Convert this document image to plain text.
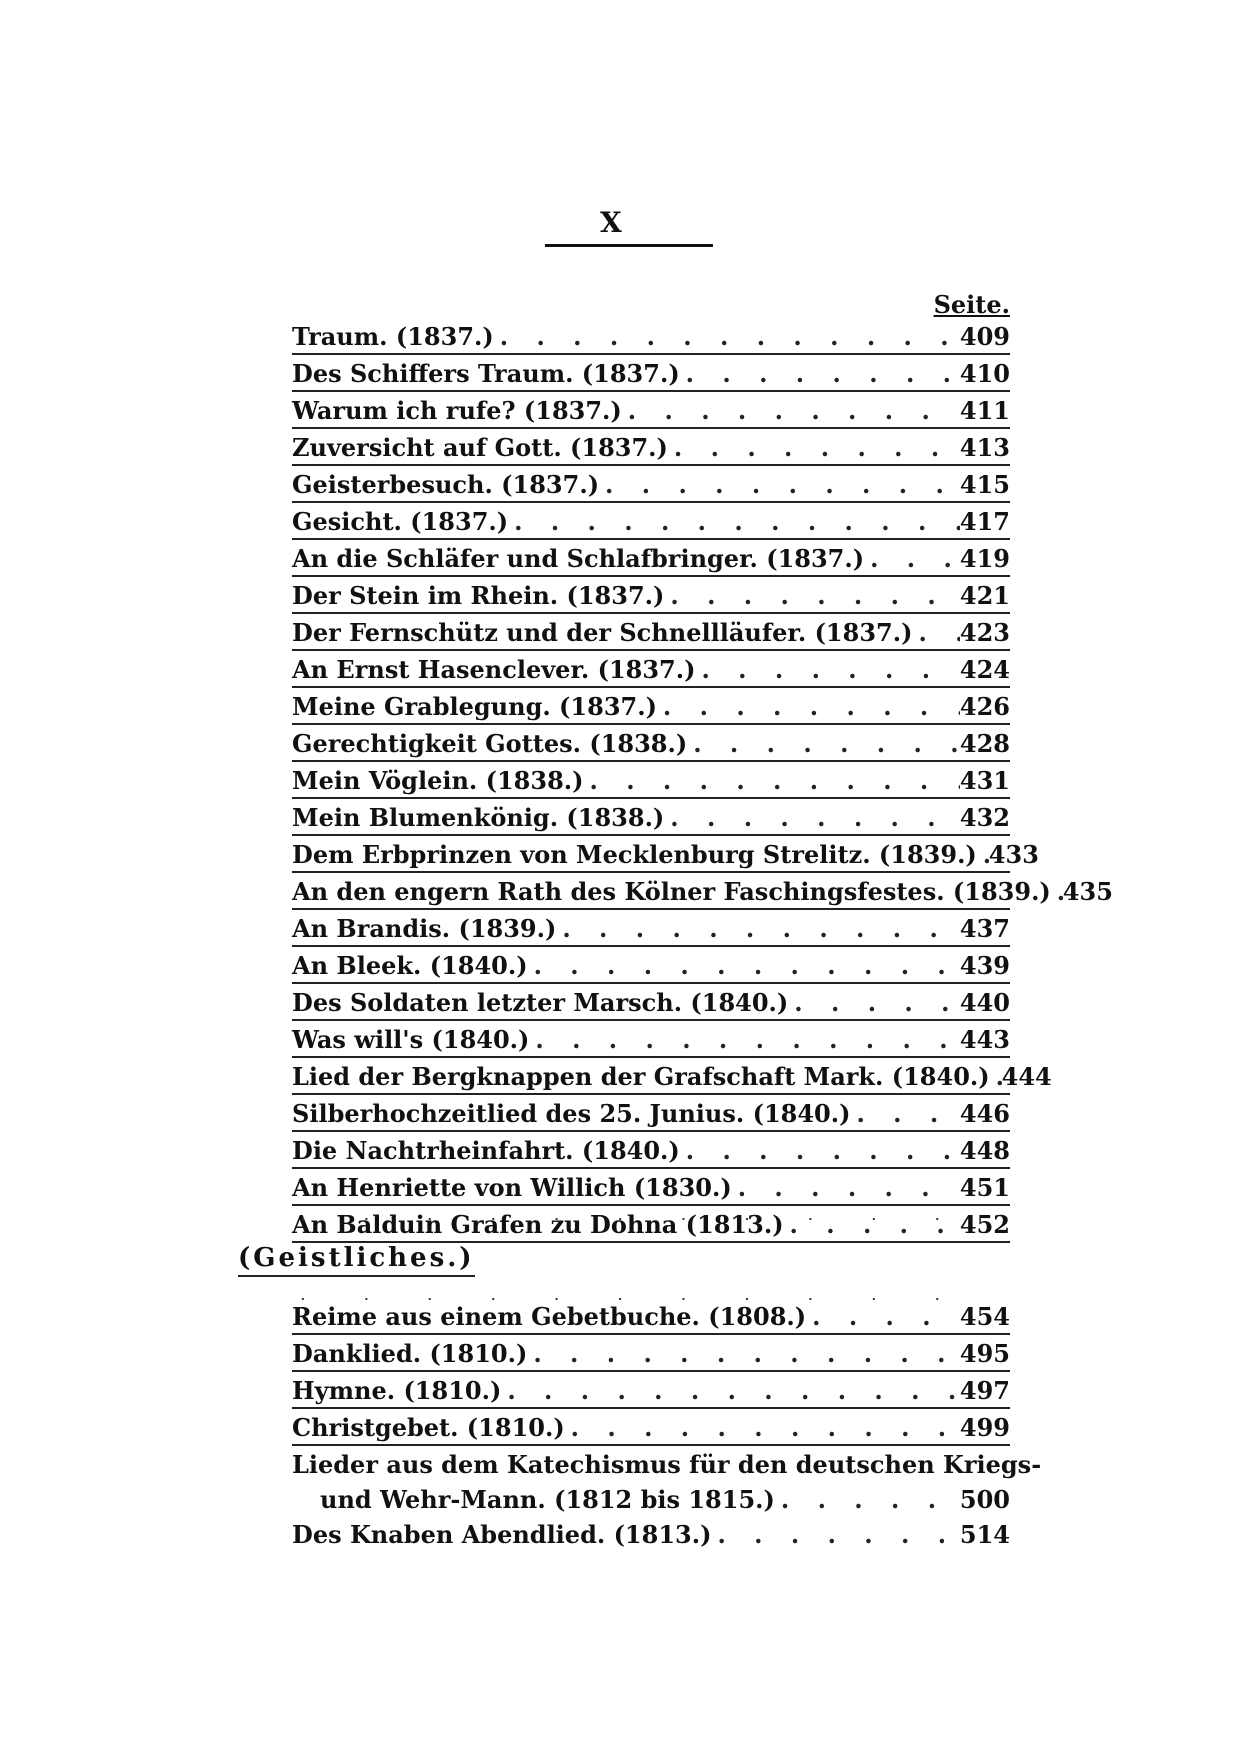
X
Seite.
Traum. (1837.) . . .	409
Des Schiffers Traum. (1837.) . . .	410
Warum ich rufe? (1837.) . . .	411
Zuversicht auf Gott. (1837.) . . .	413
Geisterbesuch. (1837.) . . .	415
Gesicht. (1837.) . . .	417
An die Schläfer und Schlafbringer. (1837.) . . .	419
Der Stein im Rhein. (1837.) . . .	421
Der Fernschütz und der Schnellläufer. (1837.) . . . 423
An Ernst Hasenclever. (1837.) . . .	424
Meine Grablegung. (1837.) . . .	426
Gerechtigkeit Gottes. (1838.) . . .	428
Mein Vöglein. (1838.) . . .	431
Mein Blumenkönig. (1838.) . . .	432
Dem Erbprinzen von Mecklenburg Strelitz. (1839.) . . . 433
An den engern Rath des Kölner Faschingsfestes. (1839.) . . . 435
An Brandis. (1839.) . . .	437
An Bleek. (1840.) . . .	439
Des Soldaten letzter Marsch. (1840.) . . .	440
Was will's (1840.) . . .	443
Lied der Bergknappen der Grafschaft Mark. (1840.) . . . 444
Silberhochzeitlied des 25. Junius. (1840.) . . .	446
Die Nachtrheinfahrt. (1840.) . . .	448
An Henriette von Willich (1830.) . . .	451
An Balduin Grafen zu Dohna (1813.) . . .	452
. . .
(Geistliches.)
. . .
Reime aus einem Gebetbuche. (1808.) . . .	454
Danklied. (1810.) . . .	495
Hymne. (1810.) . . .	497
Christgebet. (1810.) . . .	499
Lieder aus dem Katechismus für den deutschen Kriegs-
und Wehr-Mann. (1812 bis 1815.) . . .	500
Des Knaben Abendlied. (1813.) . . .	514
